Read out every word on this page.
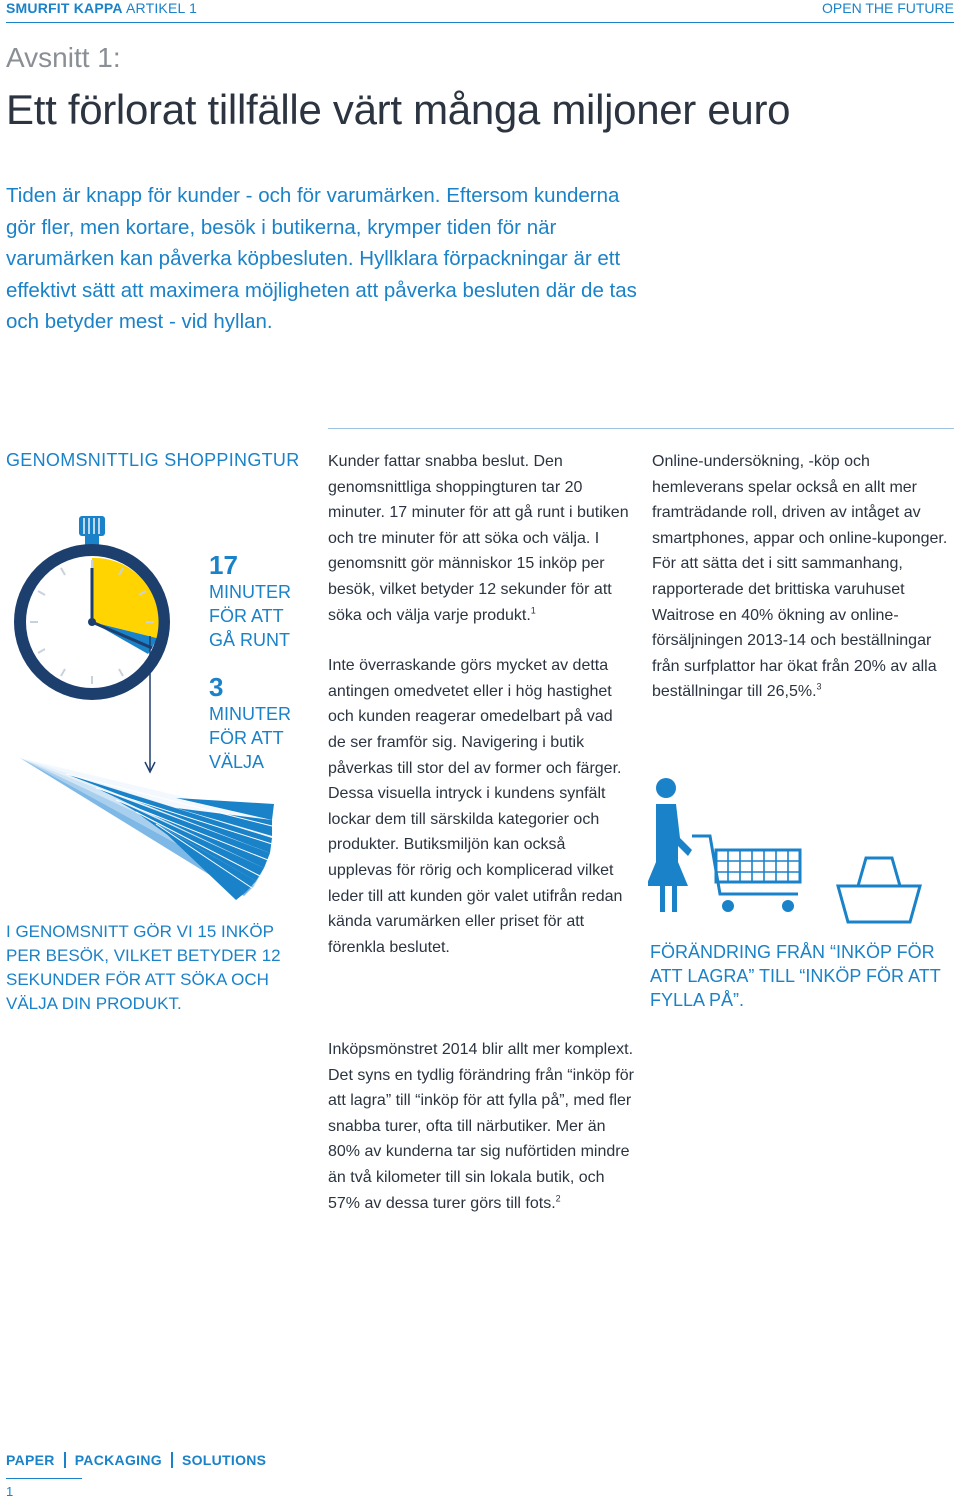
SMURFIT KAPPA ARTIKEL 1	OPEN THE FUTURE
Avsnitt 1:
Ett förlorat tillfälle värt många miljoner euro
Tiden är knapp för kunder - och för varumärken. Eftersom kunderna gör fler, men kortare, besök i butikerna, krymper tiden för när varumärken kan påverka köpbesluten. Hyllklara förpackningar är ett effektivt sätt att maximera möjligheten att påverka besluten där de tas och betyder mest - vid hyllan.
GENOMSNITTLIG SHOPPINGTUR
17
MINUTER FÖR ATT GÅ RUNT
3
MINUTER FÖR ATT VÄLJA
I GENOMSNITT GÖR VI 15 INKÖP PER BESÖK, VILKET BETYDER 12 SEKUNDER FÖR ATT SÖKA OCH VÄLJA DIN PRODUKT.

Kunder fattar snabba beslut. Den genomsnittliga shoppingturen tar 20 minuter. 17 minuter för att gå runt i butiken och tre minuter för att söka och välja. I genomsnitt gör människor 15 inköp per besök, vilket betyder 12 sekunder för att söka och välja varje produkt.$^1$

Inte överraskande görs mycket av detta antingen omedvetet eller i hög hastighet och kunden reagerar omedelbart på vad de ser framför sig. Navigering i butik påverkas till stor del av former och färger. Dessa visuella intryck i kundens synfält lockar dem till särskilda kategorier och produkter. Butiksmiljön kan också upplevas för rörig och komplicerad vilket leder till att kunden gör valet utifrån redan kända varumärken eller priset för att förenkla beslutet.

Inköpsmönstret 2014 blir allt mer komplext. Det syns en tydlig förändring från “inköp för att lagra” till “inköp för att fylla på”, med fler snabba turer, ofta till närbutiker. Mer än 80% av kunderna tar sig nuförtiden mindre än två kilometer till sin lokala butik, och 57% av dessa turer görs till fots.$^2$

Online-undersökning, -köp och hemleverans spelar också en allt mer framträdande roll, driven av intåget av smartphones, appar och online-kuponger. För att sätta det i sitt sammanhang, rapporterade det brittiska varuhuset Waitrose en 40% ökning av online-försäljningen 2013-14 och beställningar från surfplattor har ökat från 20% av alla beställningar till 26,5%.$^3$

FÖRÄNDRING FRÅN “INKÖP FÖR ATT LAGRA” TILL “INKÖP FÖR ATT FYLLA PÅ”.
PAPER PACKAGING SOLUTIONS
1
